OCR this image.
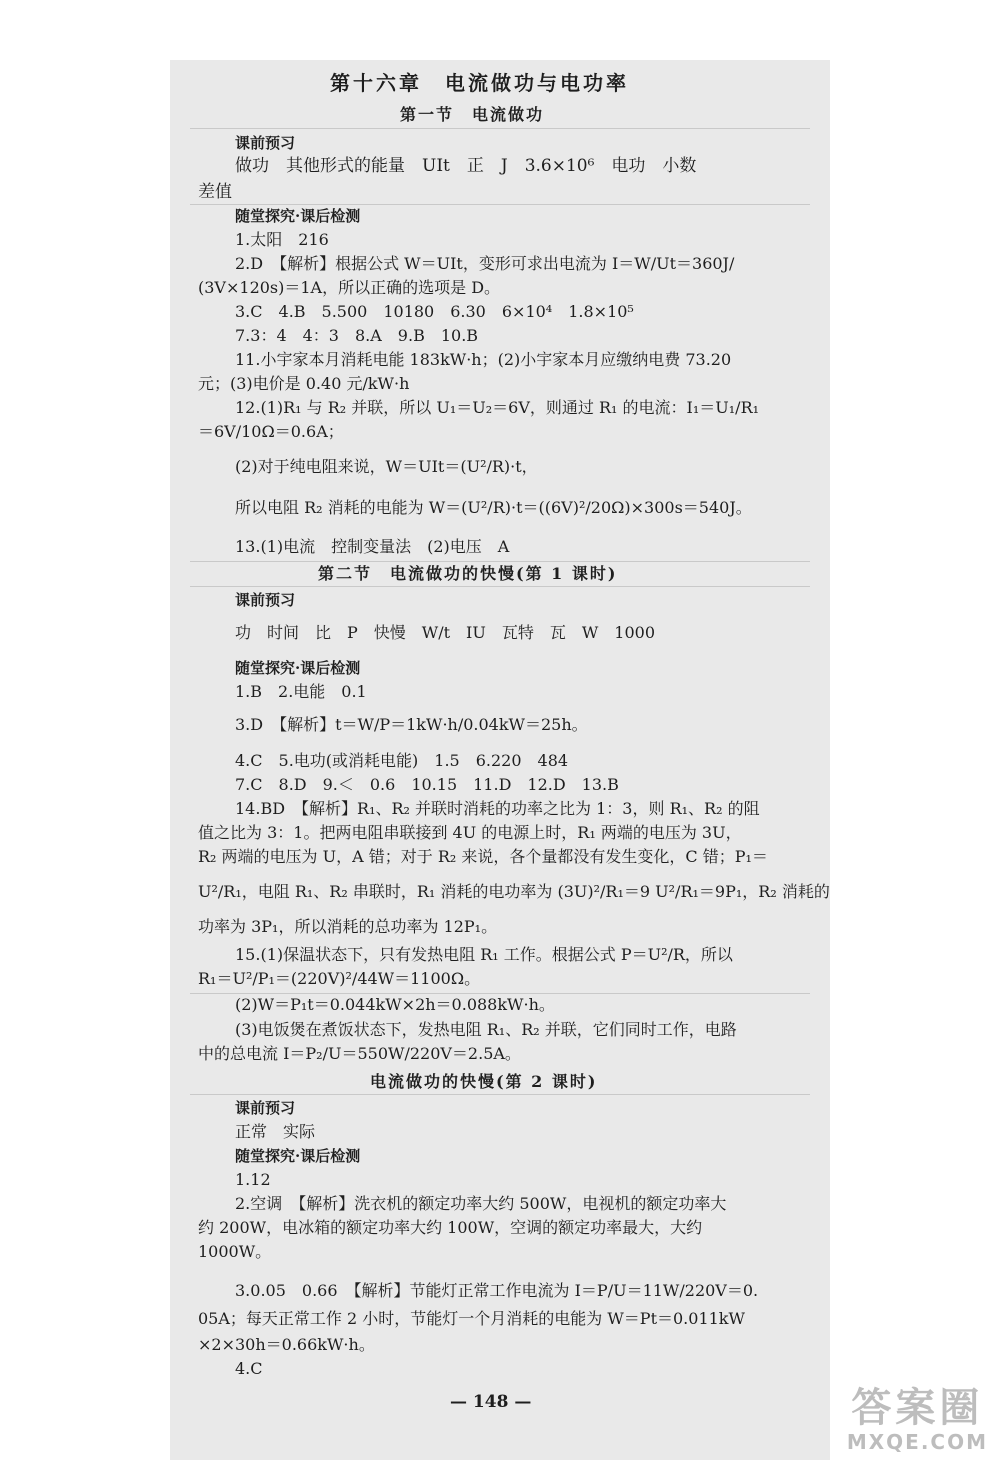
第十六章　电流做功与电功率
第一节　电流做功
课前预习
做功　其他形式的能量　UIt　正　J　3.6×10⁶　电功　小数
差值
随堂探究·课后检测
1.太阳　216
2.D　【解析】根据公式 W＝UIt，变形可求出电流为 I＝W/Ut＝360J/
(3V×120s)＝1A，所以正确的选项是 D。
3.C　4.B　5.500　10180　6.30　6×10⁴　1.8×10⁵
7.3：4　4：3　8.A　9.B　10.B
11.小宇家本月消耗电能 183kW·h；(2)小宇家本月应缴纳电费 73.20
元；(3)电价是 0.40 元/kW·h
12.(1)R₁ 与 R₂ 并联，所以 U₁＝U₂＝6V，则通过 R₁ 的电流：I₁＝U₁/R₁
＝6V/10Ω＝0.6A；
(2)对于纯电阻来说，W＝UIt＝(U²/R)·t，
所以电阻 R₂ 消耗的电能为 W＝(U²/R)·t＝((6V)²/20Ω)×300s＝540J。
13.(1)电流　控制变量法　(2)电压　A
第二节　电流做功的快慢(第 1 课时)
课前预习
功　时间　比　P　快慢　W/t　IU　瓦特　瓦　W　1000
随堂探究·课后检测
1.B　2.电能　0.1
3.D　【解析】t＝W/P＝1kW·h/0.04kW＝25h。
4.C　5.电功(或消耗电能)　1.5　6.220　484
7.C　8.D　9.＜　0.6　10.15　11.D　12.D　13.B
14.BD　【解析】R₁、R₂ 并联时消耗的功率之比为 1：3，则 R₁、R₂ 的阻
值之比为 3：1。把两电阻串联接到 4U 的电源上时，R₁ 两端的电压为 3U，
R₂ 两端的电压为 U，A 错；对于 R₂ 来说，各个量都没有发生变化，C 错；P₁＝
U²/R₁，电阻 R₁、R₂ 串联时，R₁ 消耗的电功率为 (3U)²/R₁＝9 U²/R₁＝9P₁，R₂ 消耗的
功率为 3P₁，所以消耗的总功率为 12P₁。
15.(1)保温状态下，只有发热电阻 R₁ 工作。根据公式 P＝U²/R，所以
R₁＝U²/P₁＝(220V)²/44W＝1100Ω。
(2)W＝P₁t＝0.044kW×2h＝0.088kW·h。
(3)电饭煲在煮饭状态下，发热电阻 R₁、R₂ 并联，它们同时工作，电路
中的总电流 I＝P₂/U＝550W/220V＝2.5A。
电流做功的快慢(第 2 课时)
课前预习
正常　实际
随堂探究·课后检测
1.12
2.空调　【解析】洗衣机的额定功率大约 500W，电视机的额定功率大
约 200W，电冰箱的额定功率大约 100W，空调的额定功率最大，大约
1000W。
3.0.05　0.66　【解析】节能灯正常工作电流为 I＝P/U＝11W/220V＝0.
05A；每天正常工作 2 小时，节能灯一个月消耗的电能为 W＝Pt＝0.011kW
×2×30h＝0.66kW·h。
4.C
— 148 —	答案圈
MXQE.COM
